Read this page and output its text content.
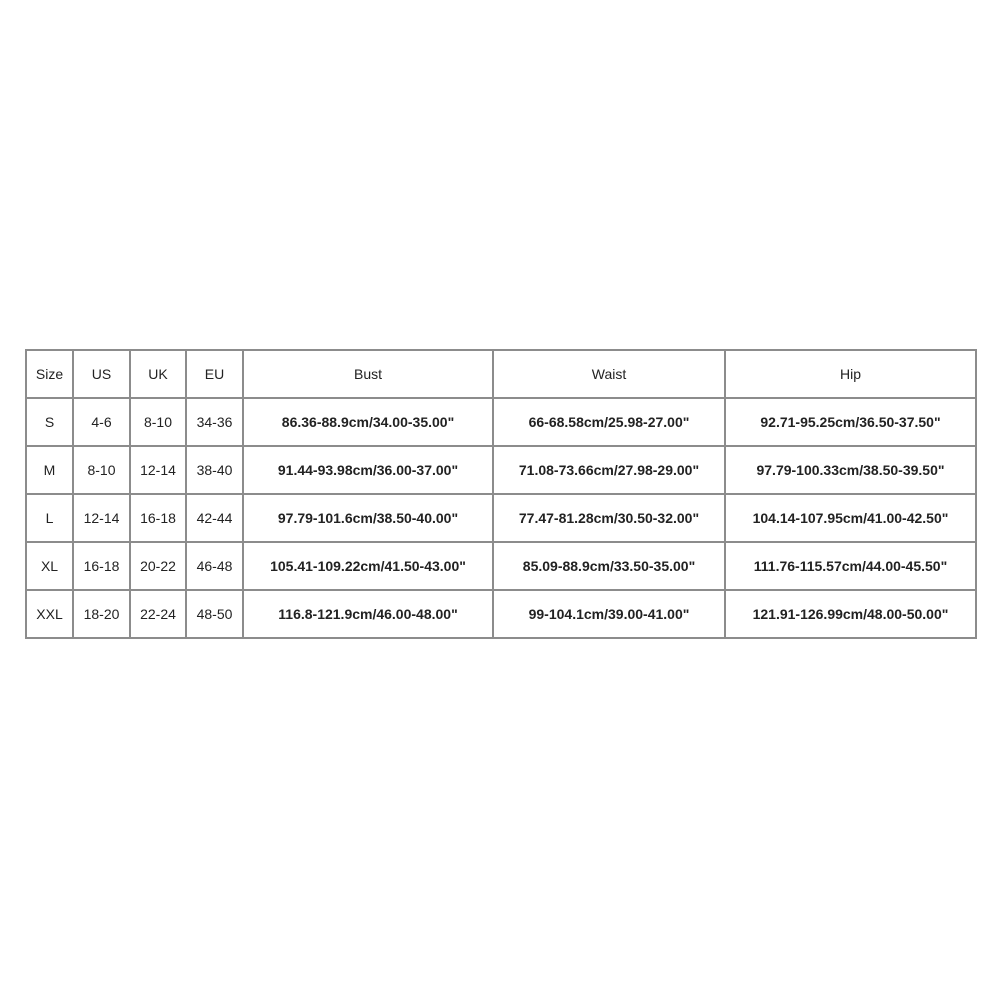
Size	US	UK	EU	Bust	Waist	Hip
S	4-6	8-10	34-36	86.36-88.9cm/34.00-35.00"	66-68.58cm/25.98-27.00"	92.71-95.25cm/36.50-37.50"
M	8-10	12-14	38-40	91.44-93.98cm/36.00-37.00"	71.08-73.66cm/27.98-29.00"	97.79-100.33cm/38.50-39.50"
L	12-14	16-18	42-44	97.79-101.6cm/38.50-40.00"	77.47-81.28cm/30.50-32.00"	104.14-107.95cm/41.00-42.50"
XL	16-18	20-22	46-48	105.41-109.22cm/41.50-43.00"	85.09-88.9cm/33.50-35.00"	111.76-115.57cm/44.00-45.50"
XXL	18-20	22-24	48-50	116.8-121.9cm/46.00-48.00"	99-104.1cm/39.00-41.00"	121.91-126.99cm/48.00-50.00"
